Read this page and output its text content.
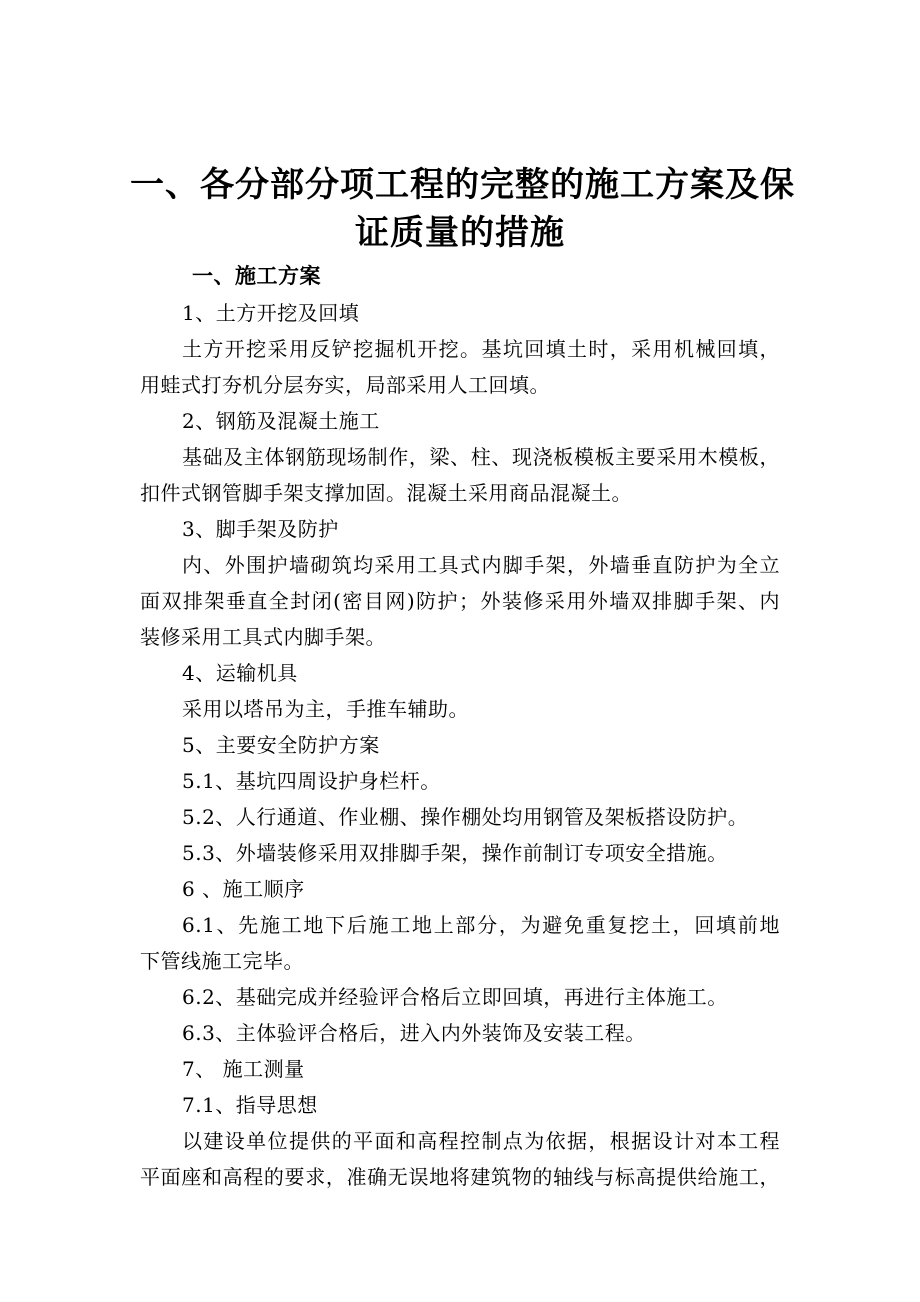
一、各分部分项工程的完整的施工方案及保
证质量的措施
一、施工方案
1、土方开挖及回填
土方开挖采用反铲挖掘机开挖。基坑回填土时，采用机械回填，
用蛙式打夯机分层夯实，局部采用人工回填。
2、钢筋及混凝土施工
基础及主体钢筋现场制作，梁、柱、现浇板模板主要采用木模板，
扣件式钢管脚手架支撑加固。混凝土采用商品混凝土。
3、脚手架及防护
内、外围护墙砌筑均采用工具式内脚手架，外墙垂直防护为全立
面双排架垂直全封闭(密目网)防护；外装修采用外墙双排脚手架、内
装修采用工具式内脚手架。
4、运输机具
采用以塔吊为主，手推车辅助。
5、主要安全防护方案
5.1、基坑四周设护身栏杆。
5.2、人行通道、作业棚、操作棚处均用钢管及架板搭设防护。
5.3、外墙装修采用双排脚手架，操作前制订专项安全措施。
6 、施工顺序
6.1、先施工地下后施工地上部分，为避免重复挖土，回填前地
下管线施工完毕。
6.2、基础完成并经验评合格后立即回填，再进行主体施工。
6.3、主体验评合格后，进入内外装饰及安装工程。
7、 施工测量
7.1、指导思想
以建设单位提供的平面和高程控制点为依据，根据设计对本工程
平面座和高程的要求，准确无误地将建筑物的轴线与标高提供给施工，
